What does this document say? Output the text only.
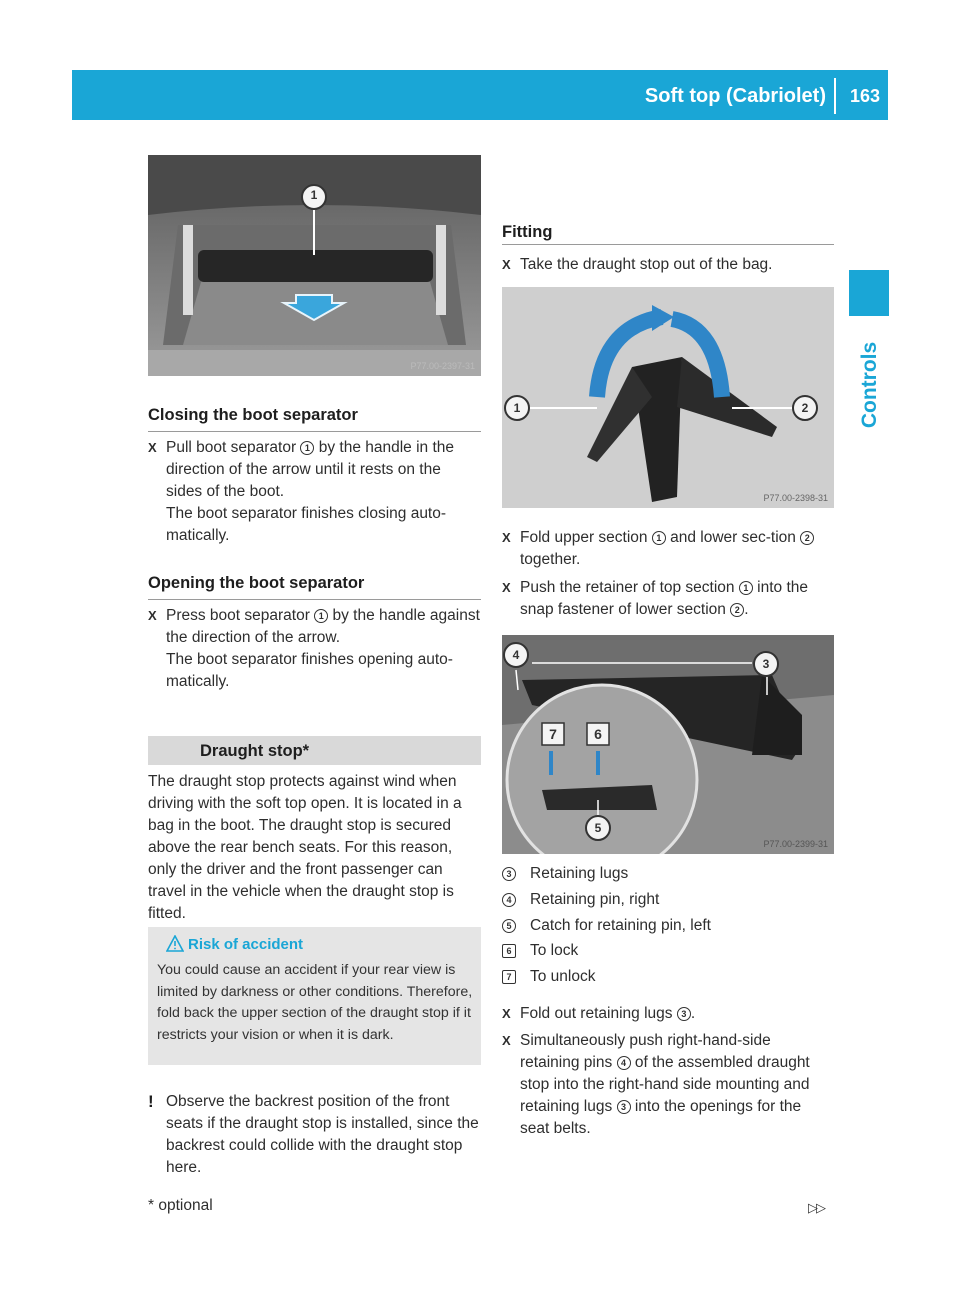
Soft top (Cabriolet) 163
Controls
1
P77.00-2397-31
Closing the boot separator
X Pull boot separator 1 by the handle in the direction of the arrow until it rests on the sides of the boot.
The boot separator finishes closing auto-matically.
Opening the boot separator
X Press boot separator 1 by the handle against the direction of the arrow.
The boot separator finishes opening auto-matically.
Draught stop*
The draught stop protects against wind when driving with the soft top open. It is located in a bag in the boot. The draught stop is secured above the rear bench seats. For this reason, only the driver and the front passenger can travel in the vehicle when the draught stop is fitted.
Risk of accident
You could cause an accident if your rear view is limited by darkness or other conditions. Therefore, fold back the upper section of the draught stop if it restricts your vision or when it is dark.
! Observe the backrest position of the front seats if the draught stop is installed, since the backrest could collide with the draught stop here.
Fitting
X Take the draught stop out of the bag.
1	2
P77.00-2398-31
X Fold upper section 1 and lower sec-tion 2 together.
X Push the retainer of top section 1 into the snap fastener of lower section 2 .
3
4
5
6
7
P77.00-2399-31
3 Retaining lugs
4 Retaining pin, right
5 Catch for retaining pin, left
6 To lock
7 To unlock
X Fold out retaining lugs 3 .
X Simultaneously push right-hand-side retaining pins 4 of the assembled draught stop into the right-hand side mounting and retaining lugs 3 into the openings for the seat belts.
* optional	▷▷
